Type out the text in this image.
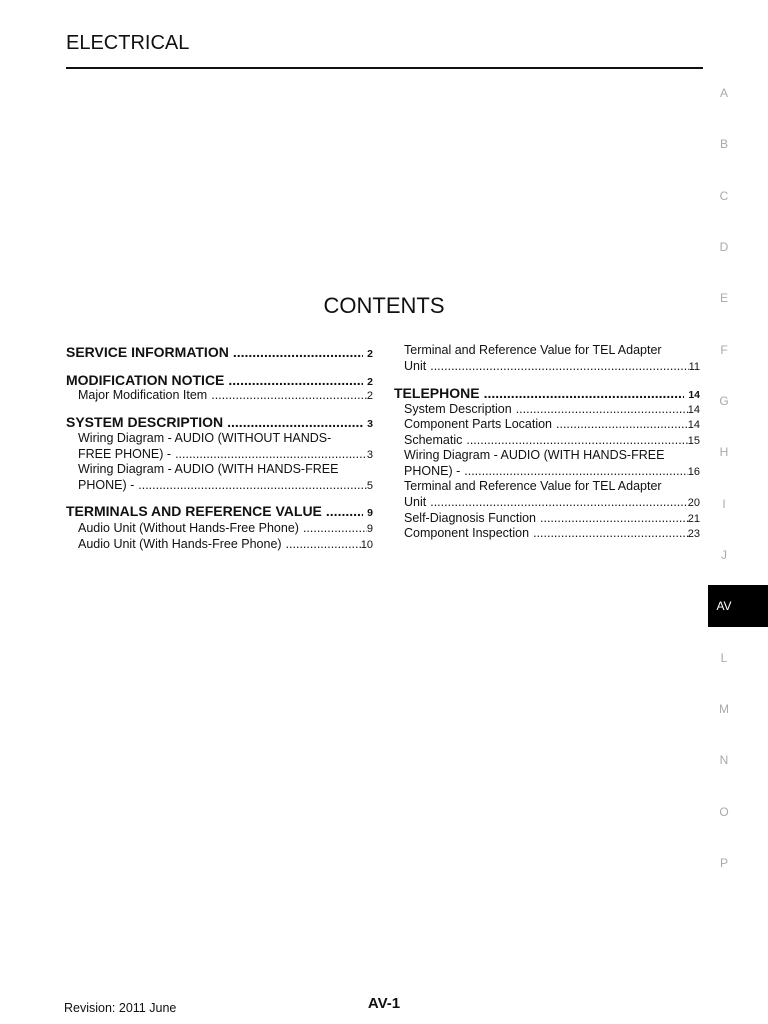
ELECTRICAL
CONTENTS
SERVICE INFORMATION .....	2
MODIFICATION NOTICE .....	2
Major Modification Item .....	2
SYSTEM DESCRIPTION .....	3
Wiring Diagram - AUDIO (WITHOUT HANDS-
FREE PHONE) - .....	3
Wiring Diagram - AUDIO (WITH HANDS-FREE
PHONE) - .....	5
TERMINALS AND REFERENCE VALUE .....	9
Audio Unit (Without Hands-Free Phone) .....	9
Audio Unit (With Hands-Free Phone) .....	10
Terminal and Reference Value for TEL Adapter
Unit .....	11
TELEPHONE .....	14
System Description .....	14
Component Parts Location .....	14
Schematic .....	15
Wiring Diagram - AUDIO (WITH HANDS-FREE
PHONE) - .....	16
Terminal and Reference Value for TEL Adapter
Unit .....	20
Self-Diagnosis Function .....	21
Component Inspection .....	23
A
B
C
D
E
F
G
H
I
J
AV
L
M
N
O
P
Revision: 2011 June	AV-1
